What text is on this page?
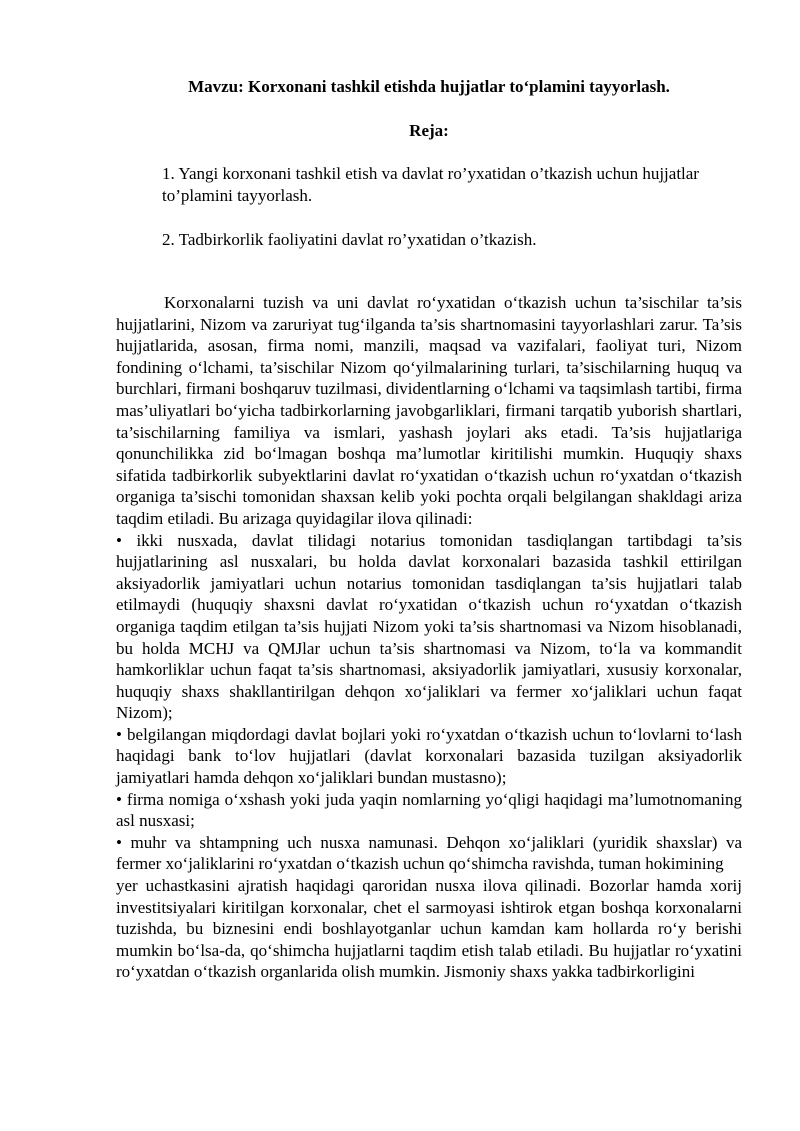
Mavzu: Korxonani tashkil etishda hujjatlar to‘plamini tayyorlash.

Reja:

1. Yangi korxonani tashkil etish va davlat ro’yxatidan o’tkazish uchun hujjatlar to’plamini tayyorlash.

2. Tadbirkorlik faoliyatini davlat ro’yxatidan o’tkazish.

Korxonalarni tuzish va uni davlat ro‘yxatidan o‘tkazish uchun ta’sischilar ta’sis hujjatlarini, Nizom va zaruriyat tug‘ilganda ta’sis shartnomasini tayyorlashlari zarur. Ta’sis hujjatlarida, asosan, firma nomi, manzili, maqsad va vazifalari, faoliyat turi, Nizom fondining o‘lchami, ta’sischilar Nizom qo‘yilmalarining turlari, ta’sischilarning huquq va burchlari, firmani boshqaruv tuzilmasi, dividentlarning o‘lchami va taqsimlash tartibi, firma mas’uliyatlari bo‘yicha tadbirkorlarning javobgarliklari, firmani tarqatib yuborish shartlari, ta’sischilarning familiya va ismlari, yashash joylari aks etadi. Ta’sis hujjatlariga qonunchilikka zid bo‘lmagan boshqa ma’lumotlar kiritilishi mumkin. Huquqiy shaxs sifatida tadbirkorlik subyektlarini davlat ro‘yxatidan o‘tkazish uchun ro‘yxatdan o‘tkazish organiga ta’sischi tomonidan shaxsan kelib yoki pochta orqali belgilangan shakldagi ariza taqdim etiladi. Bu arizaga quyidagilar ilova qilinadi:

• ikki nusxada, davlat tilidagi notarius tomonidan tasdiqlangan tartibdagi ta’sis hujjatlarining asl nusxalari, bu holda davlat korxonalari bazasida tashkil ettirilgan aksiyadorlik jamiyatlari uchun notarius tomonidan tasdiqlangan ta’sis hujjatlari talab etilmaydi (huquqiy shaxsni davlat ro‘yxatidan o‘tkazish uchun ro‘yxatdan o‘tkazish organiga taqdim etilgan ta’sis hujjati Nizom yoki ta’sis shartnomasi va Nizom hisoblanadi, bu holda MCHJ va QMJlar uchun ta’sis shartnomasi va Nizom, to‘la va kommandit hamkorliklar uchun faqat ta’sis shartnomasi, aksiyadorlik jamiyatlari, xususiy korxonalar, huquqiy shaxs shakllantirilgan dehqon xo‘jaliklari va fermer xo‘jaliklari uchun faqat Nizom);

• belgilangan miqdordagi davlat bojlari yoki ro‘yxatdan o‘tkazish uchun to‘lovlarni to‘lash haqidagi bank to‘lov hujjatlari (davlat korxonalari bazasida tuzilgan aksiyadorlik jamiyatlari hamda dehqon xo‘jaliklari bundan mustasno);

• firma nomiga o‘xshash yoki juda yaqin nomlarning yo‘qligi haqidagi ma’lumotnomaning asl nusxasi;

• muhr va shtampning uch nusxa namunasi. Dehqon xo‘jaliklari (yuridik shaxslar) va fermer xo‘jaliklarini ro‘yxatdan o‘tkazish uchun qo‘shimcha ravishda, tuman hokimining

yer uchastkasini ajratish haqidagi qaroridan nusxa ilova qilinadi. Bozorlar hamda xorij investitsiyalari kiritilgan korxonalar, chet el sarmoyasi ishtirok etgan boshqa korxonalarni tuzishda, bu biznesini endi boshlayotganlar uchun kamdan kam hollarda ro‘y berishi mumkin bo‘lsa-da, qo‘shimcha hujjatlarni taqdim etish talab etiladi. Bu hujjatlar ro‘yxatini ro‘yxatdan o‘tkazish organlarida olish mumkin. Jismoniy shaxs yakka tadbirkorligini
